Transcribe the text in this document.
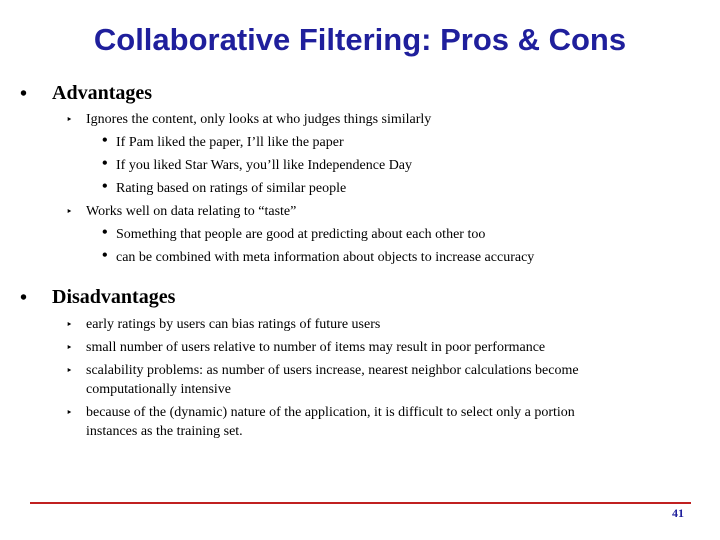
Collaborative Filtering: Pros & Cons
• Advantages
‣ Ignores the content, only looks at who judges things similarly
• If Pam liked the paper, I’ll like the paper
• If you liked Star Wars, you’ll like Independence Day
• Rating based on ratings of similar people
‣ Works well on data relating to “taste”
• Something that people are good at predicting about each other too
• can be combined with meta information about objects to increase accuracy
• Disadvantages
‣ early ratings by users can bias ratings of future users
‣ small number of users relative to number of items may result in poor performance
‣ scalability problems: as number of users increase, nearest neighbor calculations become
computationally intensive
‣ because of the (dynamic) nature of the application, it is difficult to select only a portion
instances as the training set.
41
